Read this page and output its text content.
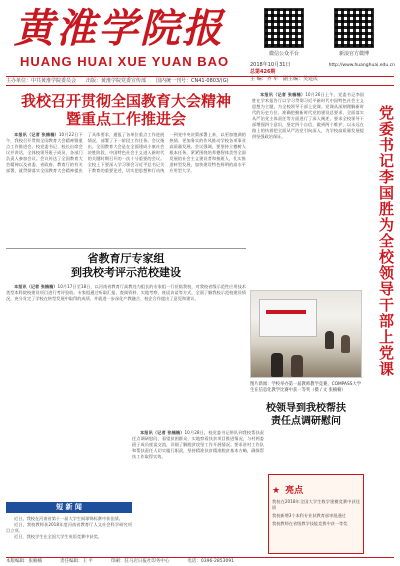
黄淮学院报
HUANG HUAI XUE YUAN BAO	微信公众平台	新浪官方微博
2018年10月31日	http://www.huanghuai.edu.cn
总第426期
主 编：齐 军 副主编：吴建民
主办单位：中共黄淮学院委员会　　出版：黄淮学院党委宣传部　　国内统一刊号：CN41-0803/(G)
我校召开贯彻全国教育大会精神
暨重点工作推进会

本报讯（记者 张楠楠）10月22日下午，我校召开贯彻全国教育大会精神暨重点工作推进会。校党委书记、校长出席会议并讲话，全体校领导班子成员、各部门负责人参加会议。会议传达了全国教育大会精神以及省委、省政府、教育厅的有关部署，就贯彻落实全国教育大会精神提出了具体要求，通报了各单位重点工作进展情况，部署了下一阶段工作任务。会议指出，全国教育大会是在全面建成小康社会决胜阶段、中国特色社会主义进入新时代的关键时期召开的一次十分重要的会议。全校上下要深入学习领会习近平总书记关于教育的重要论述，切实把思想和行动统一到党中央决策部署上来，以更加饱满的热情、更加务实的作风推动学校各项事业高质量发展。会议强调，要坚持立德树人根本任务，紧紧围绕培养德智体美劳全面发展的社会主义建设者和接班人，扎实推进转型发展，加快建设特色鲜明的高水平应用型大学。

省教育厅专家组
到我校考评示范校建设

本报讯（记者 张楠楠）10月17日至18日，以河南省教育厅高教处为组长的专家组一行莅临我校，对我校省级示范性应用技术类型本科院校建设项目进行考评验收。专家组通过听取汇报、查阅资料、实地考察、座谈访谈等方式，全面了解我校示范校建设情况，充分肯定了学校在转型发展中取得的成绩，并就进一步深化产教融合、校企合作提出了意见和建议。

本报讯（记者 张楠楠）10月26日上午，党委书记李国胜在学术报告厅以学习贯彻习近平新时代中国特色社会主义思想为主题，为全校领导干部上党课。党课从深刻理解新时代的历史方位、准确把握新时代党的建设总要求、全面落实从严治党主体责任等方面进行了深入阐述，要求全校领导干部增强四个意识，坚定四个自信，做到两个维护，以永远在路上的执着把全面从严治党引向深入，为学校高质量发展提供坚强政治保证。	党委书记李国胜为全校领导干部上党课
图片新闻：学校举办第一届教师教学竞赛，COMPASS大学生在信息化教学比赛中获一等奖（摄 / 文 张楠楠）
校领导到我校帮扶
责任点调研慰问

本报讯（记者 张楠楠）10月28日，校党委书记带队到我校帮扶责任点调研慰问，看望贫困群众，实地察看扶贫项目推进情况，与村两委班子成员座谈交流，详细了解脱贫攻坚工作开展情况。要求驻村工作队和帮扶责任人切实履行职责，坚持精准扶贫精准脱贫基本方略，确保帮扶工作取得实效。

★ 亮点
我校在2018年全国大学生数学建模竞赛中获佳绩
我校新增3个本科专业获教育部审批通过
我校教师在省级教学技能竞赛中获一等奖
短 新 闻

近日，我校在河南省第十一届大学生网球锦标赛中获佳绩。

近日，我校教师获2018年度河南省教育厅人文社会科学研究项目立项。

近日，我校学生在全国大学生英语竞赛中获奖。

本版编辑：张楠楠　　　　责任编辑：王 平　　　　印刷：驻马店日报社印务中心　　　　电话：0396-2853091
